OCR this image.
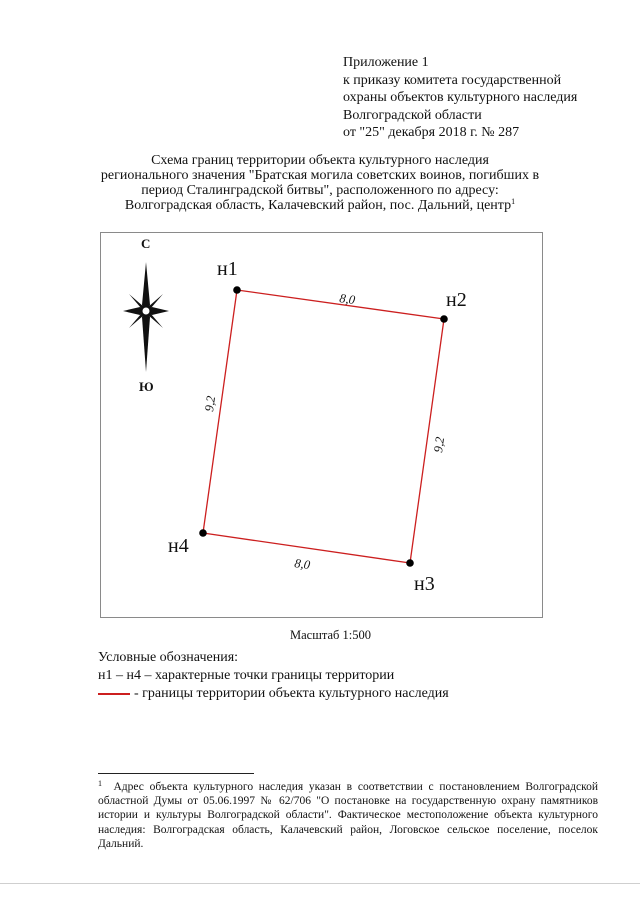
Приложение 1
к приказу комитета государственной
охраны объектов культурного наследия
Волгоградской области
от "25" декабря 2018 г. № 287
Схема границ территории объекта культурного наследия
регионального значения "Братская могила советских воинов, погибших в
период Сталинградской битвы", расположенного по адресу:
Волгоградская область, Калачевский район, пос. Дальний, центр$^1$
С
Ю
н1
н2
н3
н4
8,0
8,0
9,2
9,2
Масштаб 1:500
Условные обозначения:
н1 – н4 – характерные точки границы территории
- границы территории объекта культурного наследия

$^1$ Адрес объекта культурного наследия указан в соответствии с постановлением Волгоградской областной Думы от 05.06.1997 № 62/706 "О постановке на государственную охрану памятников истории и культуры Волгоградской области". Фактическое местоположение объекта культурного наследия: Волгоградская область, Калачевский район, Логовское сельское поселение, поселок Дальний.
